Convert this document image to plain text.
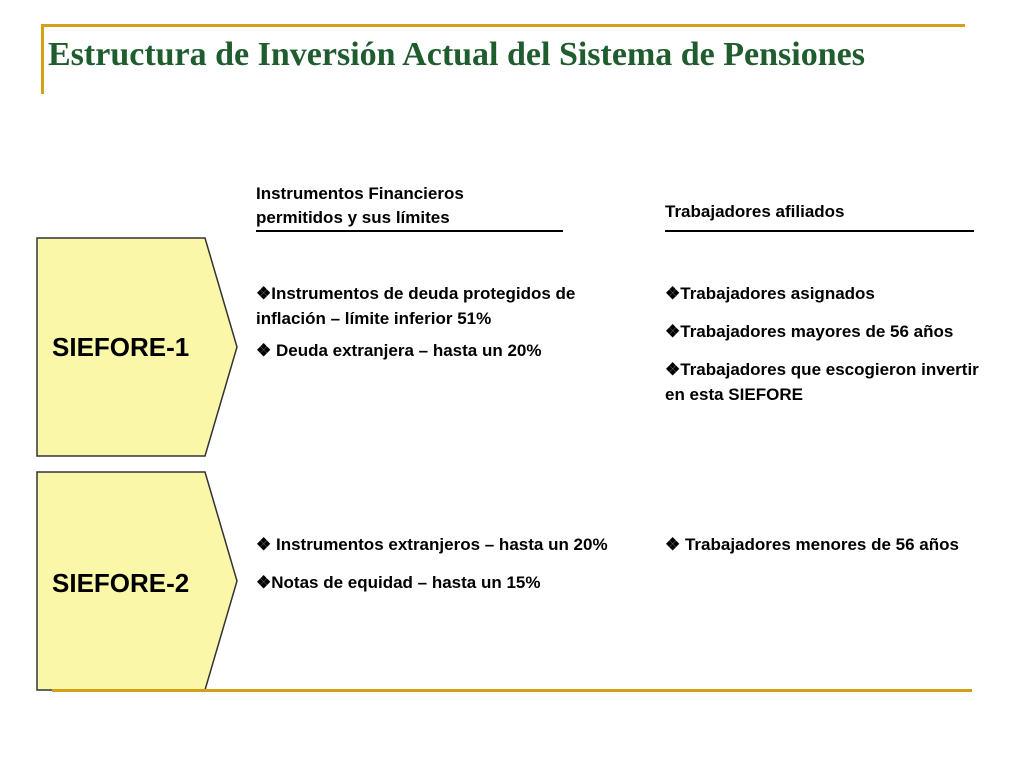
Estructura de Inversión Actual del Sistema de Pensiones
Instrumentos Financieros permitidos y sus límites	Trabajadores afiliados
SIEFORE-1
SIEFORE-2
❖Instrumentos de deuda protegidos de inflación – límite inferior 51%
❖ Deuda extranjera – hasta un 20%
❖Trabajadores asignados
❖Trabajadores mayores de 56 años
❖Trabajadores que escogieron invertir en esta SIEFORE
❖ Instrumentos extranjeros – hasta un 20%
❖Notas de equidad – hasta un 15%
❖ Trabajadores menores de 56 años
